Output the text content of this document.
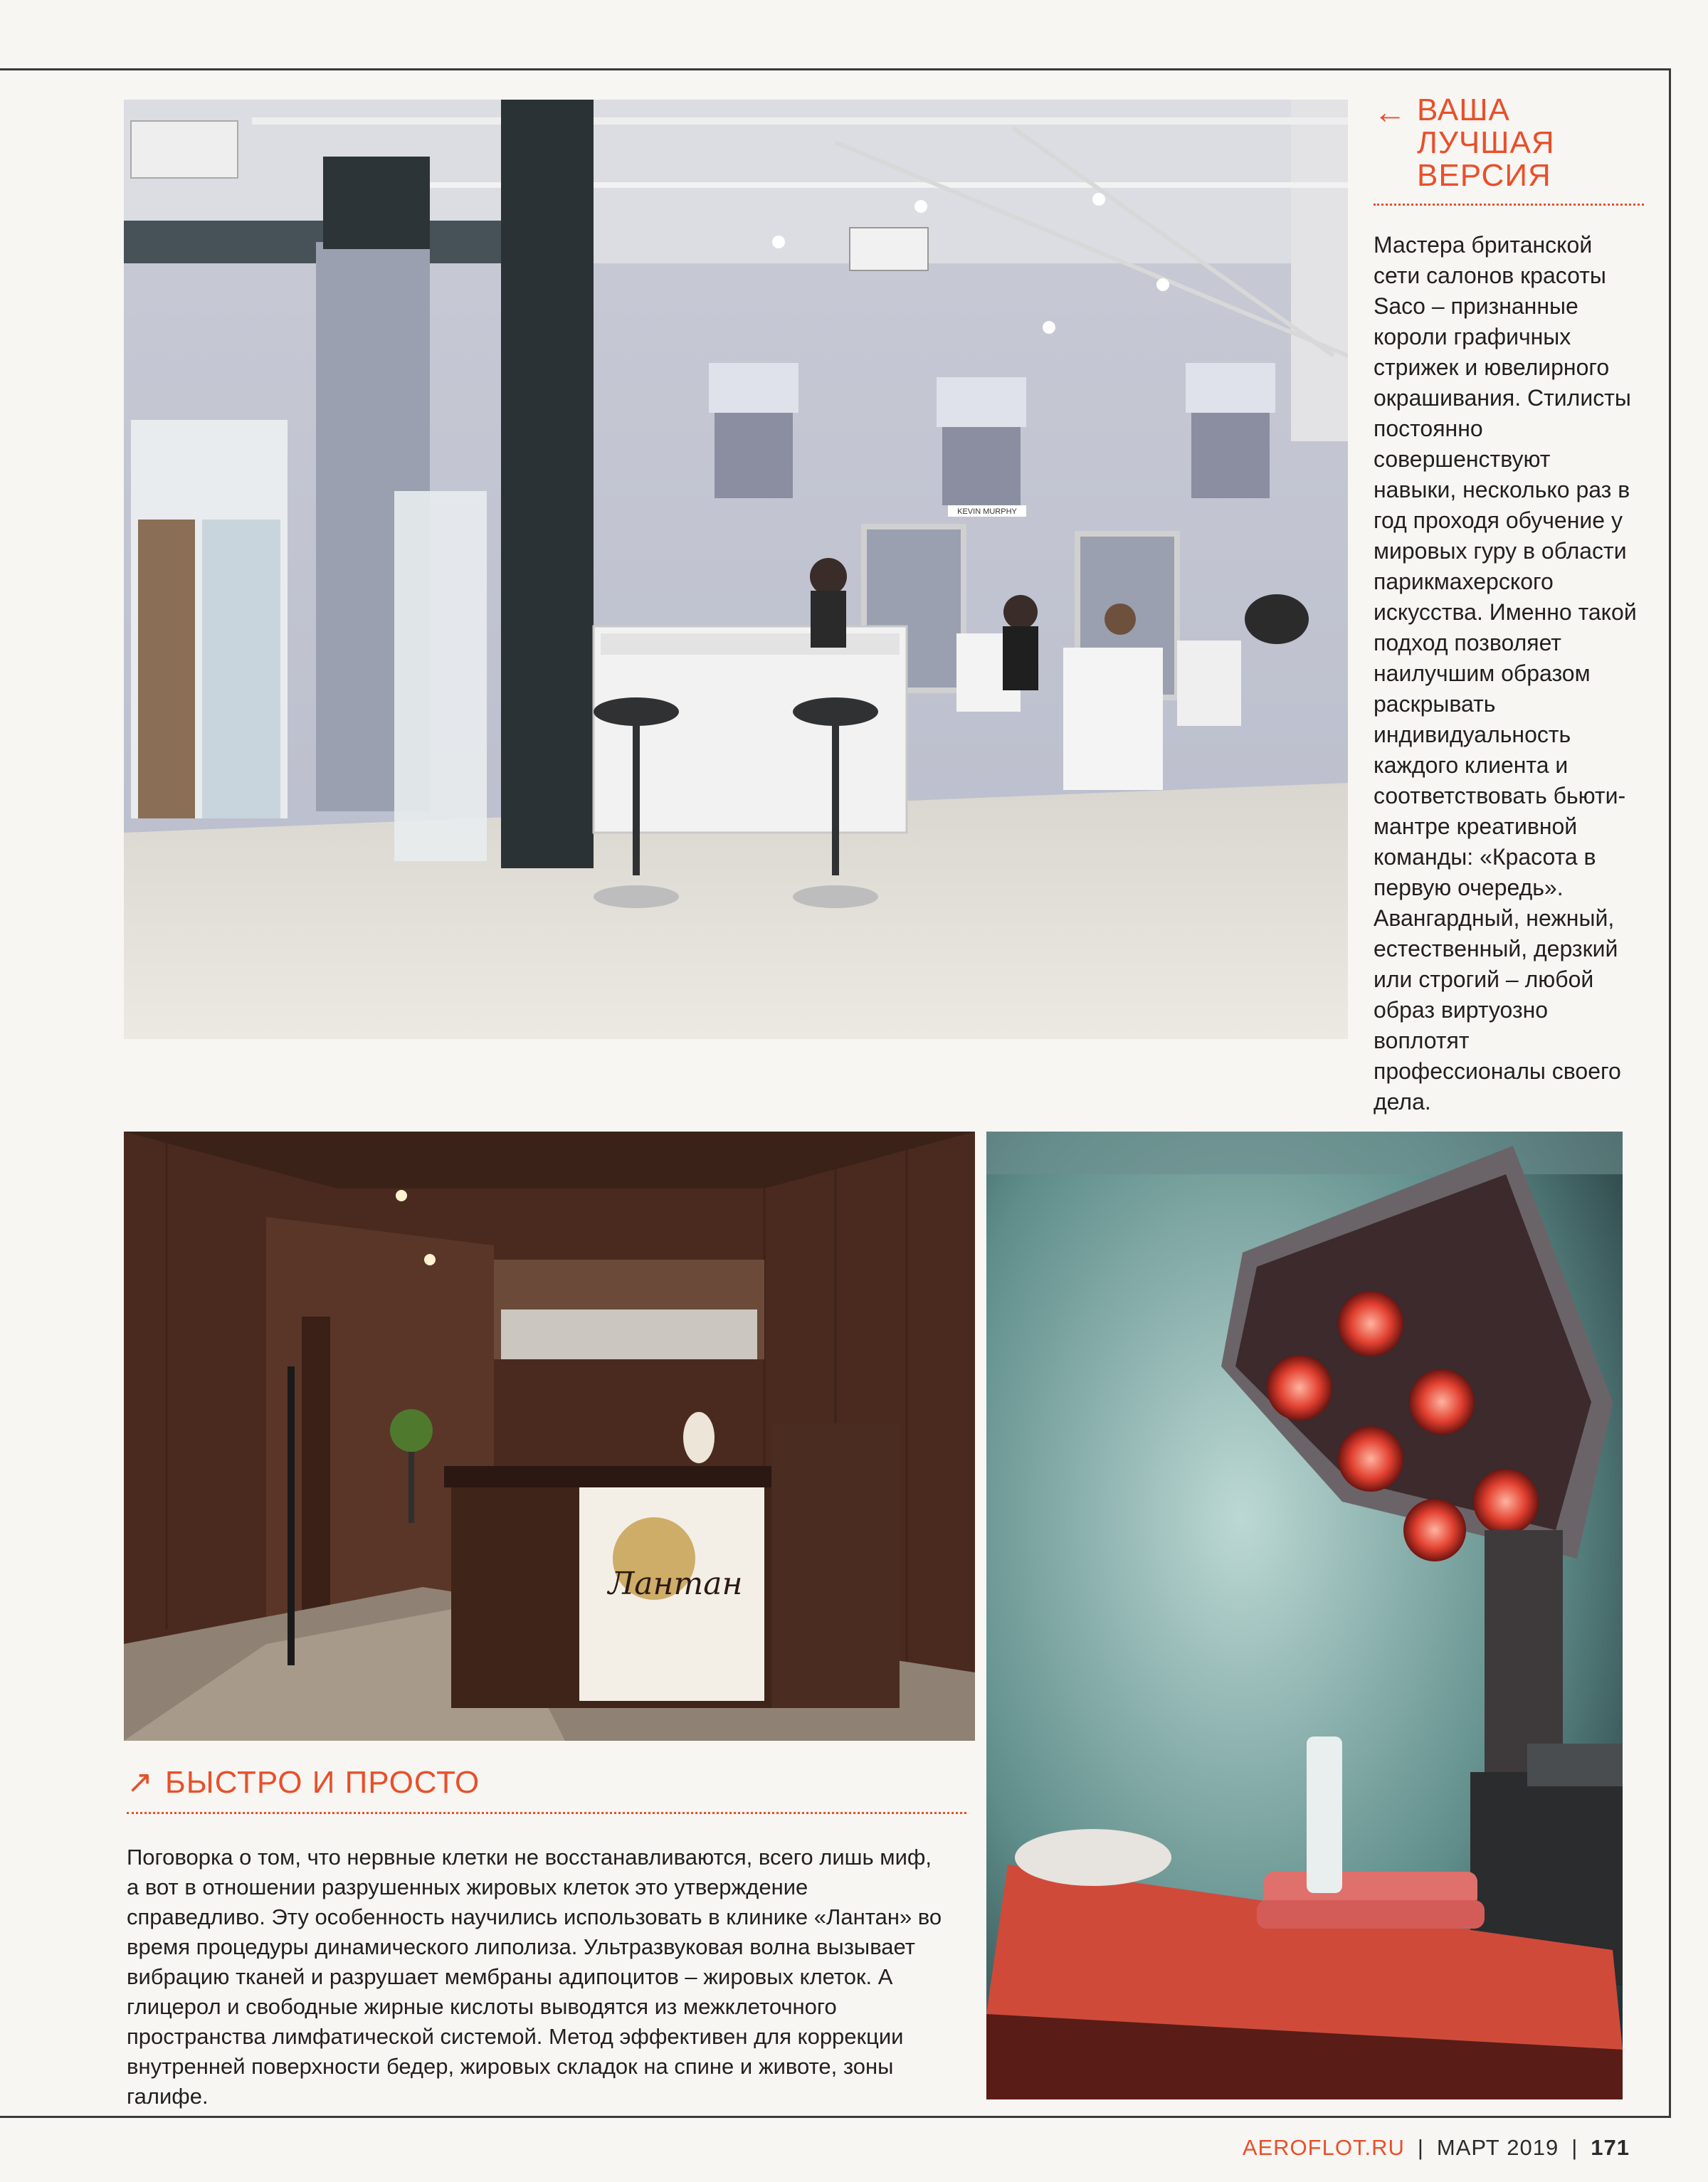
KEVIN MURPHY
← ВАША ЛУЧШАЯ ВЕРСИЯ
Мастера британской сети салонов красоты Saco – признанные короли графичных стрижек и ювелирного окрашивания. Стилисты постоянно совершенствуют навыки, несколько раз в год проходя обучение у мировых гуру в области парикмахерского искусства. Именно такой подход позволяет наилучшим образом раскрывать индивидуальность каждого клиента и соответствовать бьюти-мантре креативной команды: «Красота в первую очередь». Авангардный, нежный, естественный, дерзкий или строгий – любой образ виртуозно воплотят профессионалы своего дела.
Лантан
↗ БЫСТРО И ПРОСТО
Поговорка о том, что нервные клетки не восстанавливаются, всего лишь миф, а вот в отношении разрушенных жировых клеток это утверждение справедливо. Эту особенность научились использовать в клинике «Лантан» во время процедуры динамического липолиза. Ультразвуковая волна вызывает вибрацию тканей и разрушает мембраны адипоцитов – жировых клеток. А глицерол и свободные жирные кислоты выводятся из межклеточного пространства лимфатической системой. Метод эффективен для коррекции внутренней поверхности бедер, жировых складок на спине и животе, зоны галифе.
AEROFLOT.RU | МАРТ 2019 | 171
